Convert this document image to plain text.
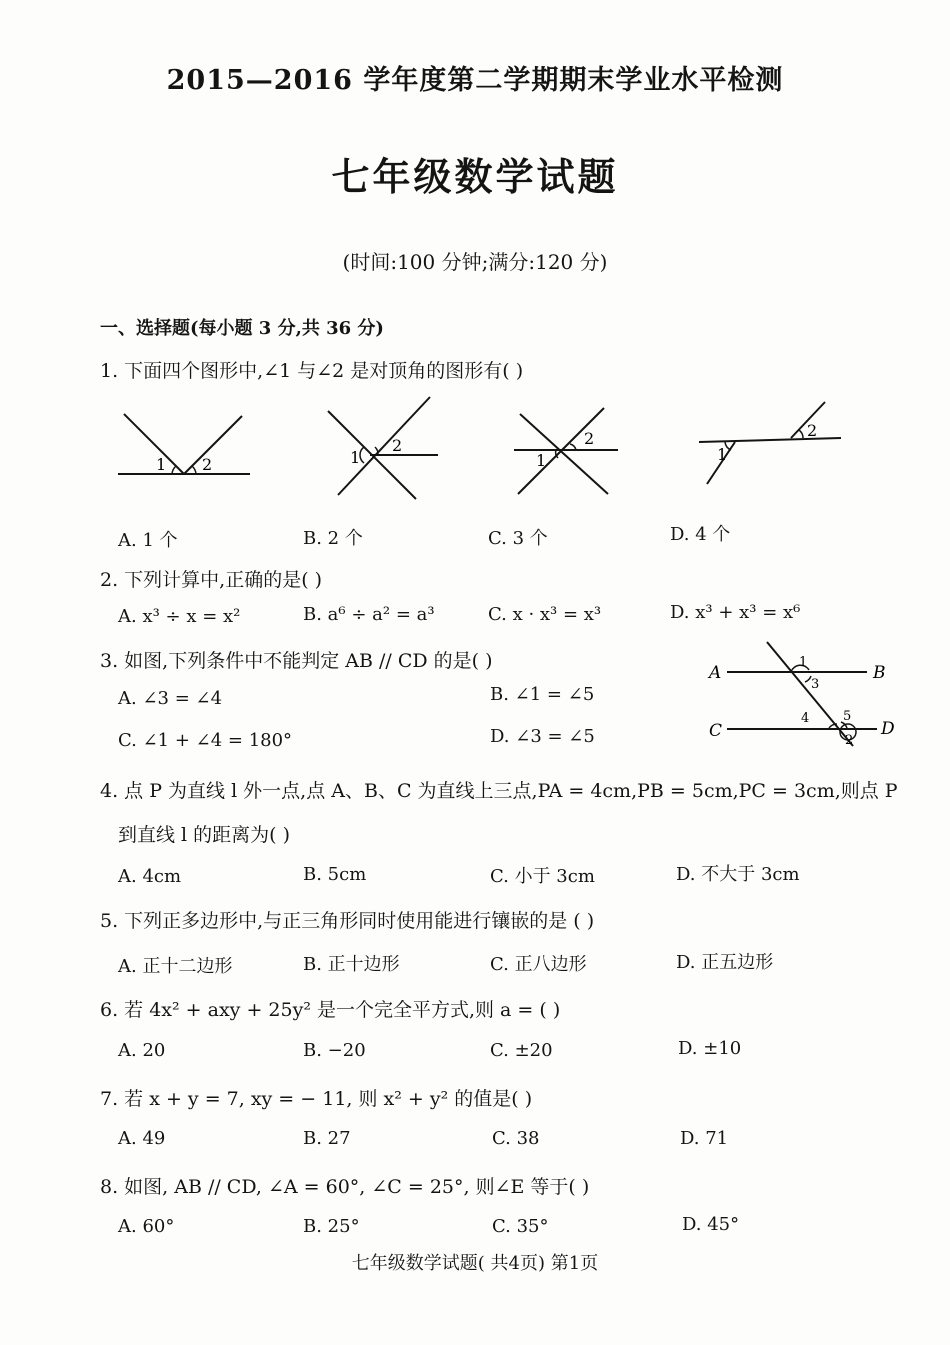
2015—2016 学年度第二学期期末学业水平检测
七年级数学试题
(时间:100 分钟;满分:120 分)
一、选择题(每小题 3 分,共 36 分)
1. 下面四个图形中,∠1 与∠2 是对顶角的图形有( )
1 2	1
2
1
2
1
2
A. 1 个	B. 2 个	C. 3 个	D. 4 个
2. 下列计算中,正确的是( )
A. x³ ÷ x = x²	B. a⁶ ÷ a² = a³	C. x · x³ = x³	D. x³ + x³ = x⁶
3. 如图,下列条件中不能判定 AB // CD 的是( )
A. ∠3 = ∠4	B. ∠1 = ∠5
C. ∠1 + ∠4 = 180°	D. ∠3 = ∠5
A	B
C	D
1
3
4	5
2
4. 点 P 为直线 l 外一点,点 A、B、C 为直线上三点,PA = 4cm,PB = 5cm,PC = 3cm,则点 P
到直线 l 的距离为( )
A. 4cm	B. 5cm	C. 小于 3cm	D. 不大于 3cm
5. 下列正多边形中,与正三角形同时使用能进行镶嵌的是 ( )
A. 正十二边形	B. 正十边形	C. 正八边形	D. 正五边形
6. 若 4x² + axy + 25y² 是一个完全平方式,则 a = ( )
A. 20	B. −20	C. ±20	D. ±10
7. 若 x + y = 7, xy = − 11, 则 x² + y² 的值是( )
A. 49	B. 27	C. 38	D. 71
8. 如图, AB // CD, ∠A = 60°, ∠C = 25°, 则∠E 等于( )
A. 60°	B. 25°	C. 35°	D. 45°
七年级数学试题( 共4页) 第1页
